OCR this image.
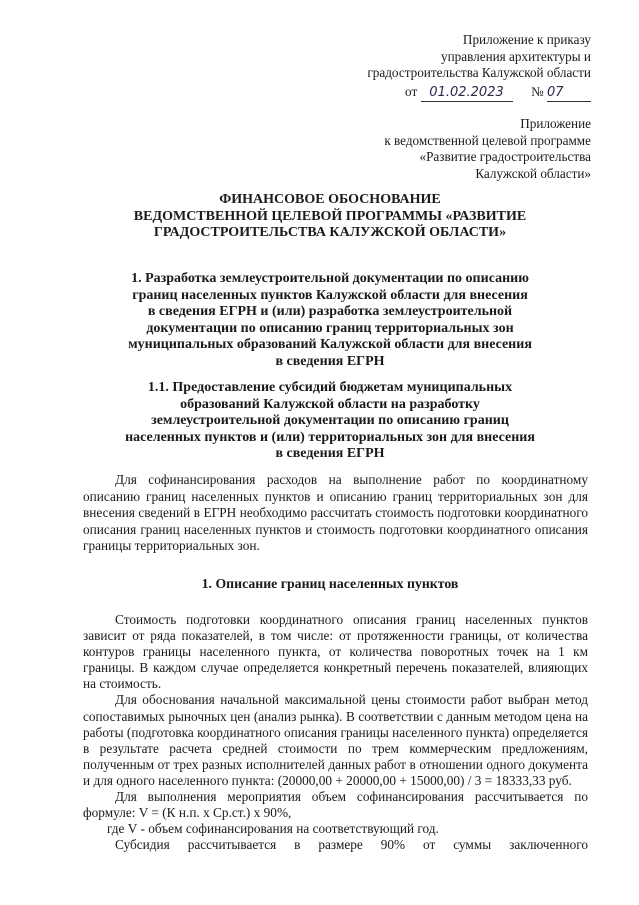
Приложение к приказу
управления архитектуры и
градостроительства Калужской области
от 01.02.2023 № 07
Приложение
к ведомственной целевой программе
«Развитие градостроительства
Калужской области»
ФИНАНСОВОЕ ОБОСНОВАНИЕ
ВЕДОМСТВЕННОЙ ЦЕЛЕВОЙ ПРОГРАММЫ «РАЗВИТИЕ
ГРАДОСТРОИТЕЛЬСТВА КАЛУЖСКОЙ ОБЛАСТИ»
1. Разработка землеустроительной документации по описанию
границ населенных пунктов Калужской области для внесения
в сведения ЕГРН и (или) разработка землеустроительной
документации по описанию границ территориальных зон
муниципальных образований Калужской области для внесения
в сведения ЕГРН
1.1. Предоставление субсидий бюджетам муниципальных
образований Калужской области на разработку
землеустроительной документации по описанию границ
населенных пунктов и (или) территориальных зон для внесения
в сведения ЕГРН

Для софинансирования расходов на выполнение работ по координатному описанию границ населенных пунктов и описанию границ территориальных зон для внесения сведений в ЕГРН необходимо рассчитать стоимость подготовки координатного описания границ населенных пунктов и стоимость подготовки координатного описания границы территориальных зон.

1. Описание границ населенных пунктов

Стоимость подготовки координатного описания границ населенных пунктов зависит от ряда показателей, в том числе: от протяженности границы, от количества контуров границы населенного пункта, от количества поворотных точек на 1 км границы. В каждом случае определяется конкретный перечень показателей, влияющих на стоимость.

Для обоснования начальной максимальной цены стоимости работ выбран метод сопоставимых рыночных цен (анализ рынка). В соответствии с данным методом цена на работы (подготовка координатного описания границы населенного пункта) определяется в результате расчета средней стоимости по трем коммерческим предложениям, полученным от трех разных исполнителей данных работ в отношении одного документа и для одного населенного пункта: (20000,00 + 20000,00 + 15000,00) / 3 = 18333,33 руб.

Для выполнения мероприятия объем софинансирования рассчитывается по формуле: V = (К н.п. х Ср.ст.) х 90%,

где V - объем софинансирования на соответствующий год.

Субсидия рассчитывается в размере 90% от суммы заключенного
